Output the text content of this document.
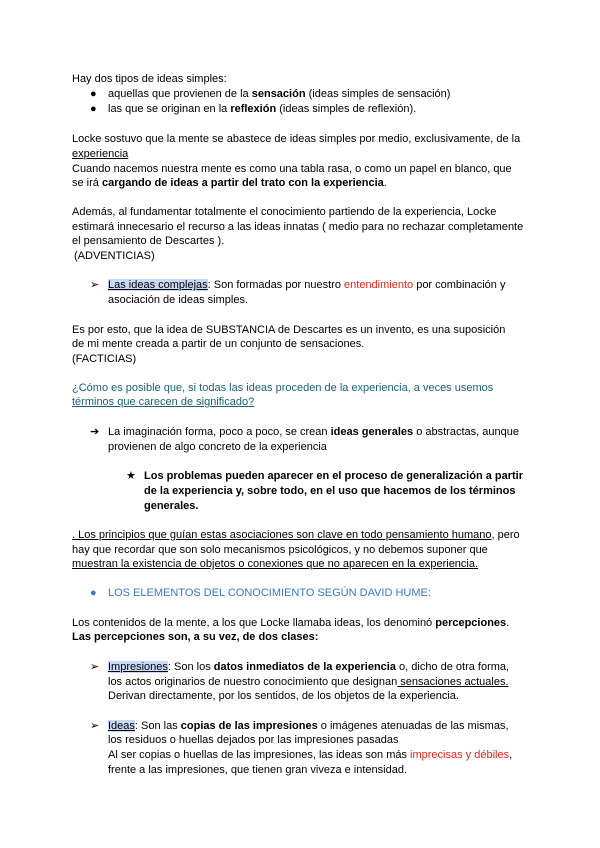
Hay dos tipos de ideas simples:
● aquellas que provienen de la sensación (ideas simples de sensación)
● las que se originan en la reflexión (ideas simples de reflexión).
Locke sostuvo que la mente se abastece de ideas simples por medio, exclusivamente, de la
experiencia
Cuando nacemos nuestra mente es como una tabla rasa, o como un papel en blanco, que
se irá cargando de ideas a partir del trato con la experiencia.
Además, al fundamentar totalmente el conocimiento partiendo de la experiencia, Locke
estimará innecesario el recurso a las ideas innatas ( medio para no rechazar completamente
el pensamiento de Descartes ).
(ADVENTICIAS)
➢ Las ideas complejas: Son formadas por nuestro entendimiento por combinación y
asociación de ideas simples.
Es por esto, que la idea de SUBSTANCIA de Descartes es un invento, es una suposición
de mi mente creada a partir de un conjunto de sensaciones.
(FACTICIAS)
¿Cómo es posible que, si todas las ideas proceden de la experiencia, a veces usemos
términos que carecen de significado?
➔ La imaginación forma, poco a poco, se crean ideas generales o abstractas, aunque
provienen de algo concreto de la experiencia
★ Los problemas pueden aparecer en el proceso de generalización a partir
de la experiencia y, sobre todo, en el uso que hacemos de los términos
generales.
. Los principios que guían estas asociaciones son clave en todo pensamiento humano, pero
hay que recordar que son solo mecanismos psicológicos, y no debemos suponer que
muestran la existencia de objetos o conexiones que no aparecen en la experiencia.
● LOS ELEMENTOS DEL CONOCIMIENTO SEGÚN DAVID HUME:
Los contenidos de la mente, a los que Locke llamaba ideas, los denominó percepciones.
Las percepciones son, a su vez, de dos clases:
➢ Impresiones: Son los datos inmediatos de la experiencia o, dicho de otra forma,
los actos originarios de nuestro conocimiento que designan sensaciones actuales.
Derivan directamente, por los sentidos, de los objetos de la experiencia.
➢ Ideas: Son las copias de las impresiones o imágenes atenuadas de las mismas,
los residuos o huellas dejados por las impresiones pasadas
Al ser copias o huellas de las impresiones, las ideas son más imprecisas y débiles,
frente a las impresiones, que tienen gran viveza e intensidad.
